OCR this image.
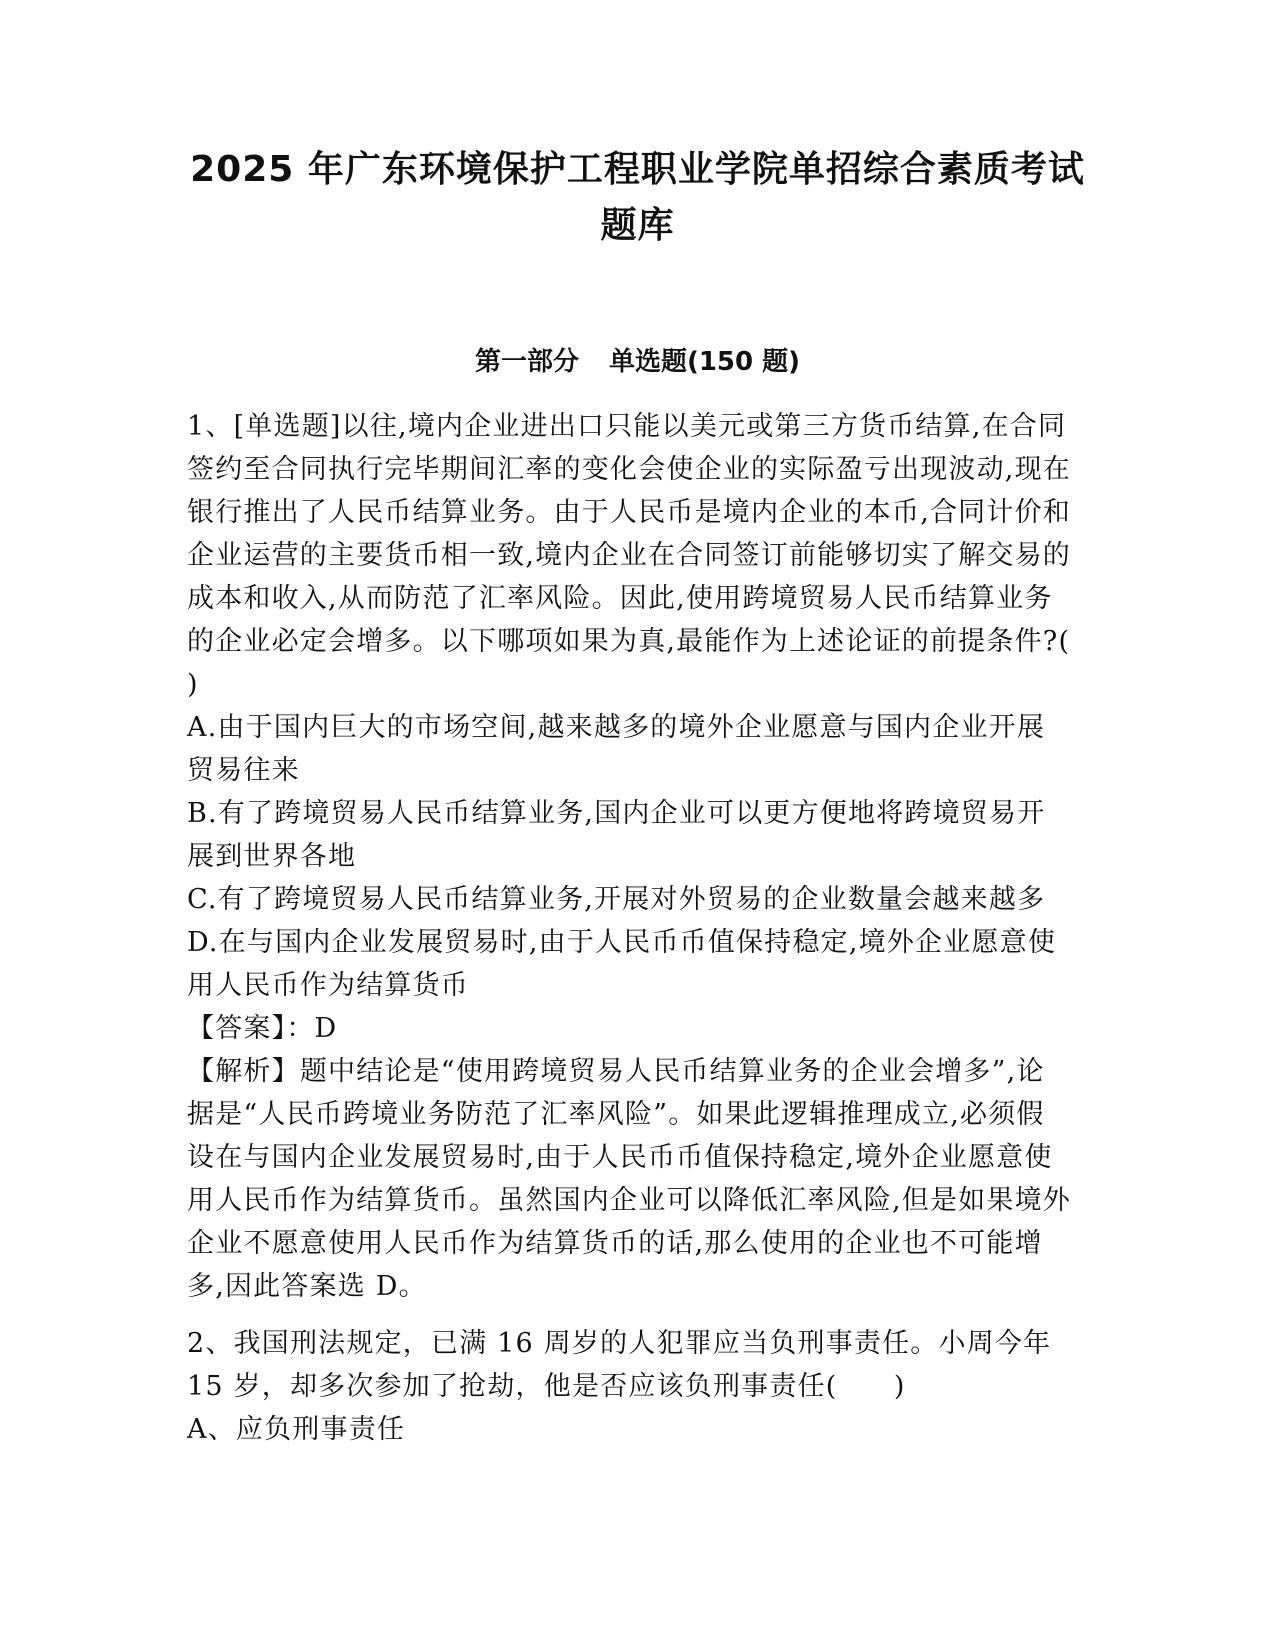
2025 年广东环境保护工程职业学院单招综合素质考试
题库
第一部分 单选题(150 题)

1、[单选题]以往,境内企业进出口只能以美元或第三方货币结算,在合同签约至合同执行完毕期间汇率的变化会使企业的实际盈亏出现波动,现在银行推出了人民币结算业务。由于人民币是境内企业的本币,合同计价和企业运营的主要货币相一致,境内企业在合同签订前能够切实了解交易的成本和收入,从而防范了汇率风险。因此,使用跨境贸易人民币结算业务的企业必定会增多。以下哪项如果为真,最能作为上述论证的前提条件?( )

A.由于国内巨大的市场空间,越来越多的境外企业愿意与国内企业开展贸易往来

B.有了跨境贸易人民币结算业务,国内企业可以更方便地将跨境贸易开展到世界各地

C.有了跨境贸易人民币结算业务,开展对外贸易的企业数量会越来越多

D.在与国内企业发展贸易时,由于人民币币值保持稳定,境外企业愿意使用人民币作为结算货币

【答案】：D

【解析】题中结论是“使用跨境贸易人民币结算业务的企业会增多”,论据是“人民币跨境业务防范了汇率风险”。如果此逻辑推理成立,必须假设在与国内企业发展贸易时,由于人民币币值保持稳定,境外企业愿意使用人民币作为结算货币。虽然国内企业可以降低汇率风险,但是如果境外企业不愿意使用人民币作为结算货币的话,那么使用的企业也不可能增多,因此答案选 D。

2、我国刑法规定，已满 16 周岁的人犯罪应当负刑事责任。小周今年 15 岁，却多次参加了抢劫，他是否应该负刑事责任(　　)

A、应负刑事责任
